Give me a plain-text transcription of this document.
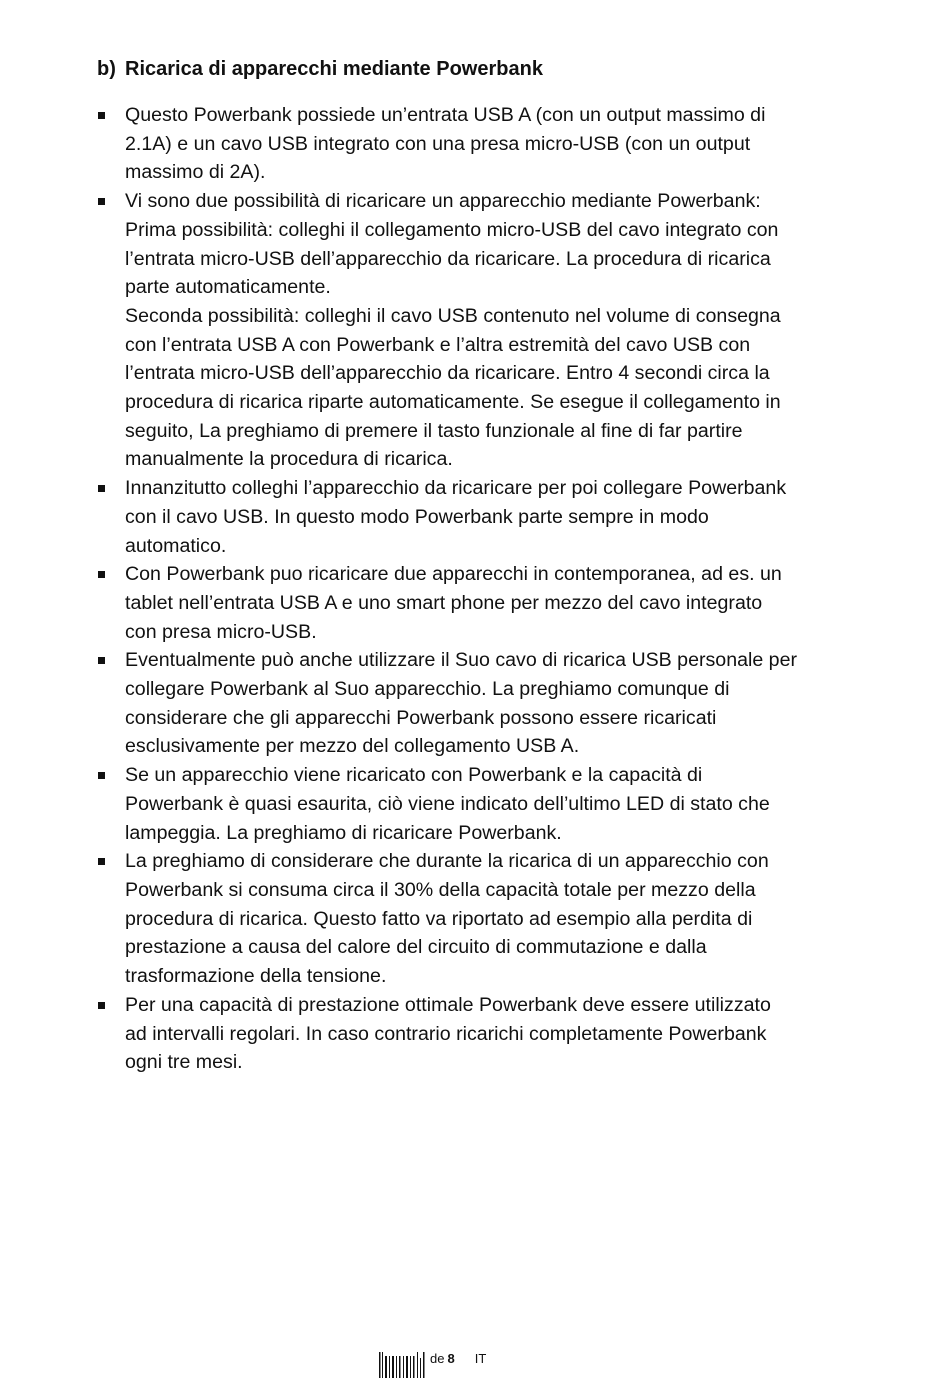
b) Ricarica di apparecchi mediante Powerbank
Questo Powerbank possiede un’entrata USB A (con un output massimo di 2.1A) e un cavo USB integrato con una presa micro-USB (con un output massimo di 2A).
Vi sono due possibilità di ricaricare un apparecchio mediante Powerbank:
Prima possibilità: colleghi il collegamento micro-USB del cavo integrato con l’entrata micro-USB dell’apparecchio da ricaricare. La procedura di ricarica parte automaticamente.
Seconda possibilità: colleghi il cavo USB contenuto nel volume di consegna con l’entrata USB A con Powerbank e l’altra estremità del cavo USB con l’entrata micro-USB dell’apparecchio da ricaricare. Entro 4 secondi circa la procedura di ricarica riparte automaticamente. Se esegue il collegamento in seguito, La preghiamo di premere il tasto funzionale al fine di far partire manualmente la procedura di ricarica.
Innanzitutto colleghi l’apparecchio da ricaricare per poi collegare Powerbank con il cavo USB. In questo modo Powerbank parte sempre in modo automatico.
Con Powerbank puo ricaricare due apparecchi in contemporanea, ad es. un tablet nell’entrata USB A e uno smart phone per mezzo del cavo integrato con presa micro-USB.
Eventualmente può anche utilizzare il Suo cavo di ricarica USB personale per collegare Powerbank al Suo apparecchio. La preghiamo comunque di considerare che gli apparecchi Powerbank possono essere ricaricati esclusivamente per mezzo del collegamento USB A.
Se un apparecchio viene ricaricato con Powerbank e la capacità di Powerbank è quasi esaurita, ciò viene indicato dell’ultimo LED di stato che lampeggia. La preghiamo di ricaricare Powerbank.
La preghiamo di considerare che durante la ricarica di un apparecchio con Powerbank si consuma circa il 30% della capacità totale per mezzo della procedura di ricarica. Questo fatto va riportato ad esempio alla perdita di prestazione a causa del calore del circuito di commutazione e dalla trasformazione della tensione.
Per una capacità di prestazione ottimale Powerbank deve essere utilizzato ad intervalli regolari. In caso contrario ricarichi completamente Powerbank ogni tre mesi.
de 8 IT
